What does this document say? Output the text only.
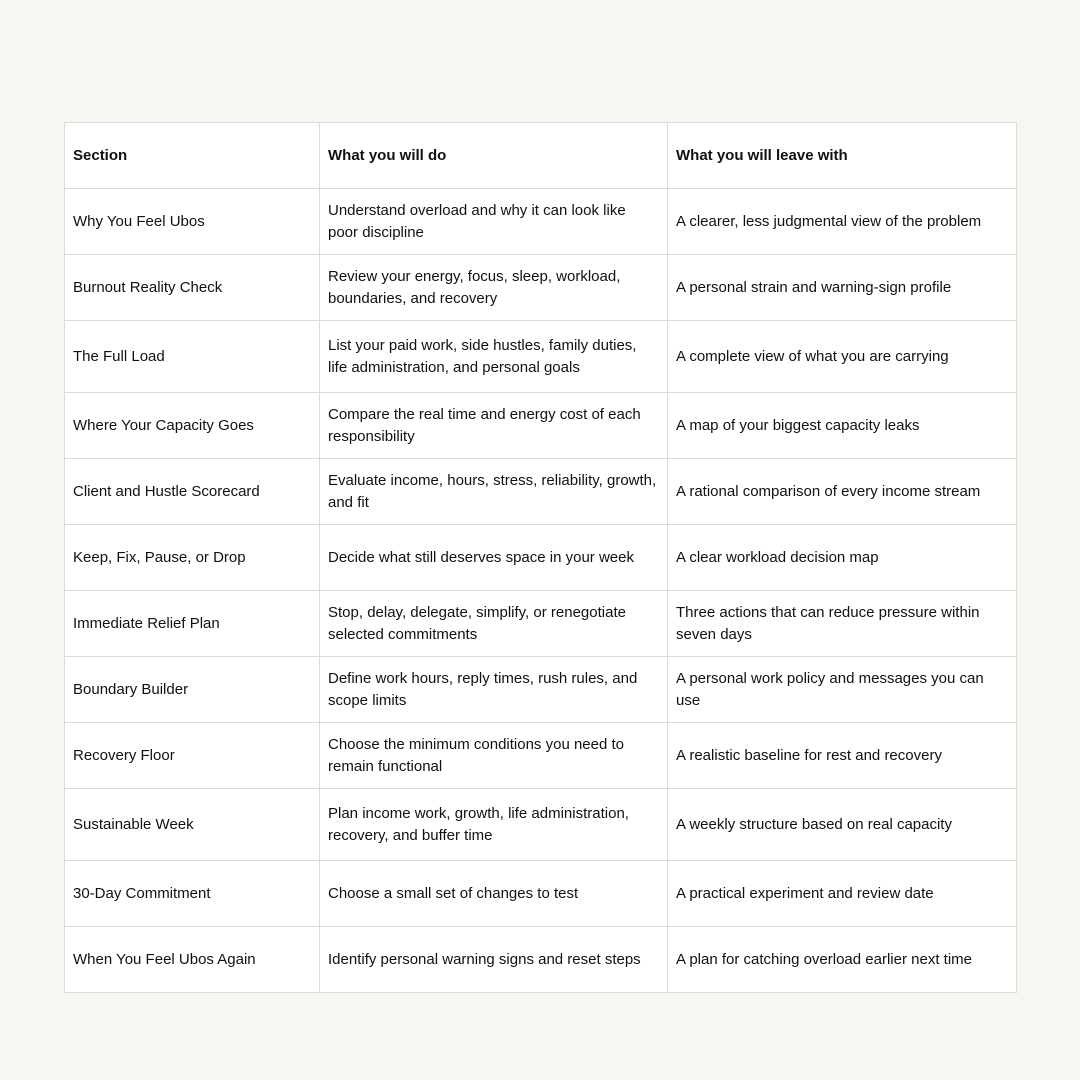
Section	What you will do	What you will leave with
Why You Feel Ubos	Understand overload and why it can look like poor discipline	A clearer, less judgmental view of the problem
Burnout Reality Check	Review your energy, focus, sleep, workload, boundaries, and recovery	A personal strain and warning-sign profile
The Full Load	List your paid work, side hustles, family duties, life administration, and personal goals	A complete view of what you are carrying
Where Your Capacity Goes	Compare the real time and energy cost of each responsibility	A map of your biggest capacity leaks
Client and Hustle Scorecard	Evaluate income, hours, stress, reliability, growth, and fit	A rational comparison of every income stream
Keep, Fix, Pause, or Drop	Decide what still deserves space in your week	A clear workload decision map
Immediate Relief Plan	Stop, delay, delegate, simplify, or renegotiate selected commitments	Three actions that can reduce pressure within seven days
Boundary Builder	Define work hours, reply times, rush rules, and scope limits	A personal work policy and messages you can use
Recovery Floor	Choose the minimum conditions you need to remain functional	A realistic baseline for rest and recovery
Sustainable Week	Plan income work, growth, life administration, recovery, and buffer time	A weekly structure based on real capacity
30-Day Commitment	Choose a small set of changes to test	A practical experiment and review date
When You Feel Ubos Again	Identify personal warning signs and reset steps	A plan for catching overload earlier next time
